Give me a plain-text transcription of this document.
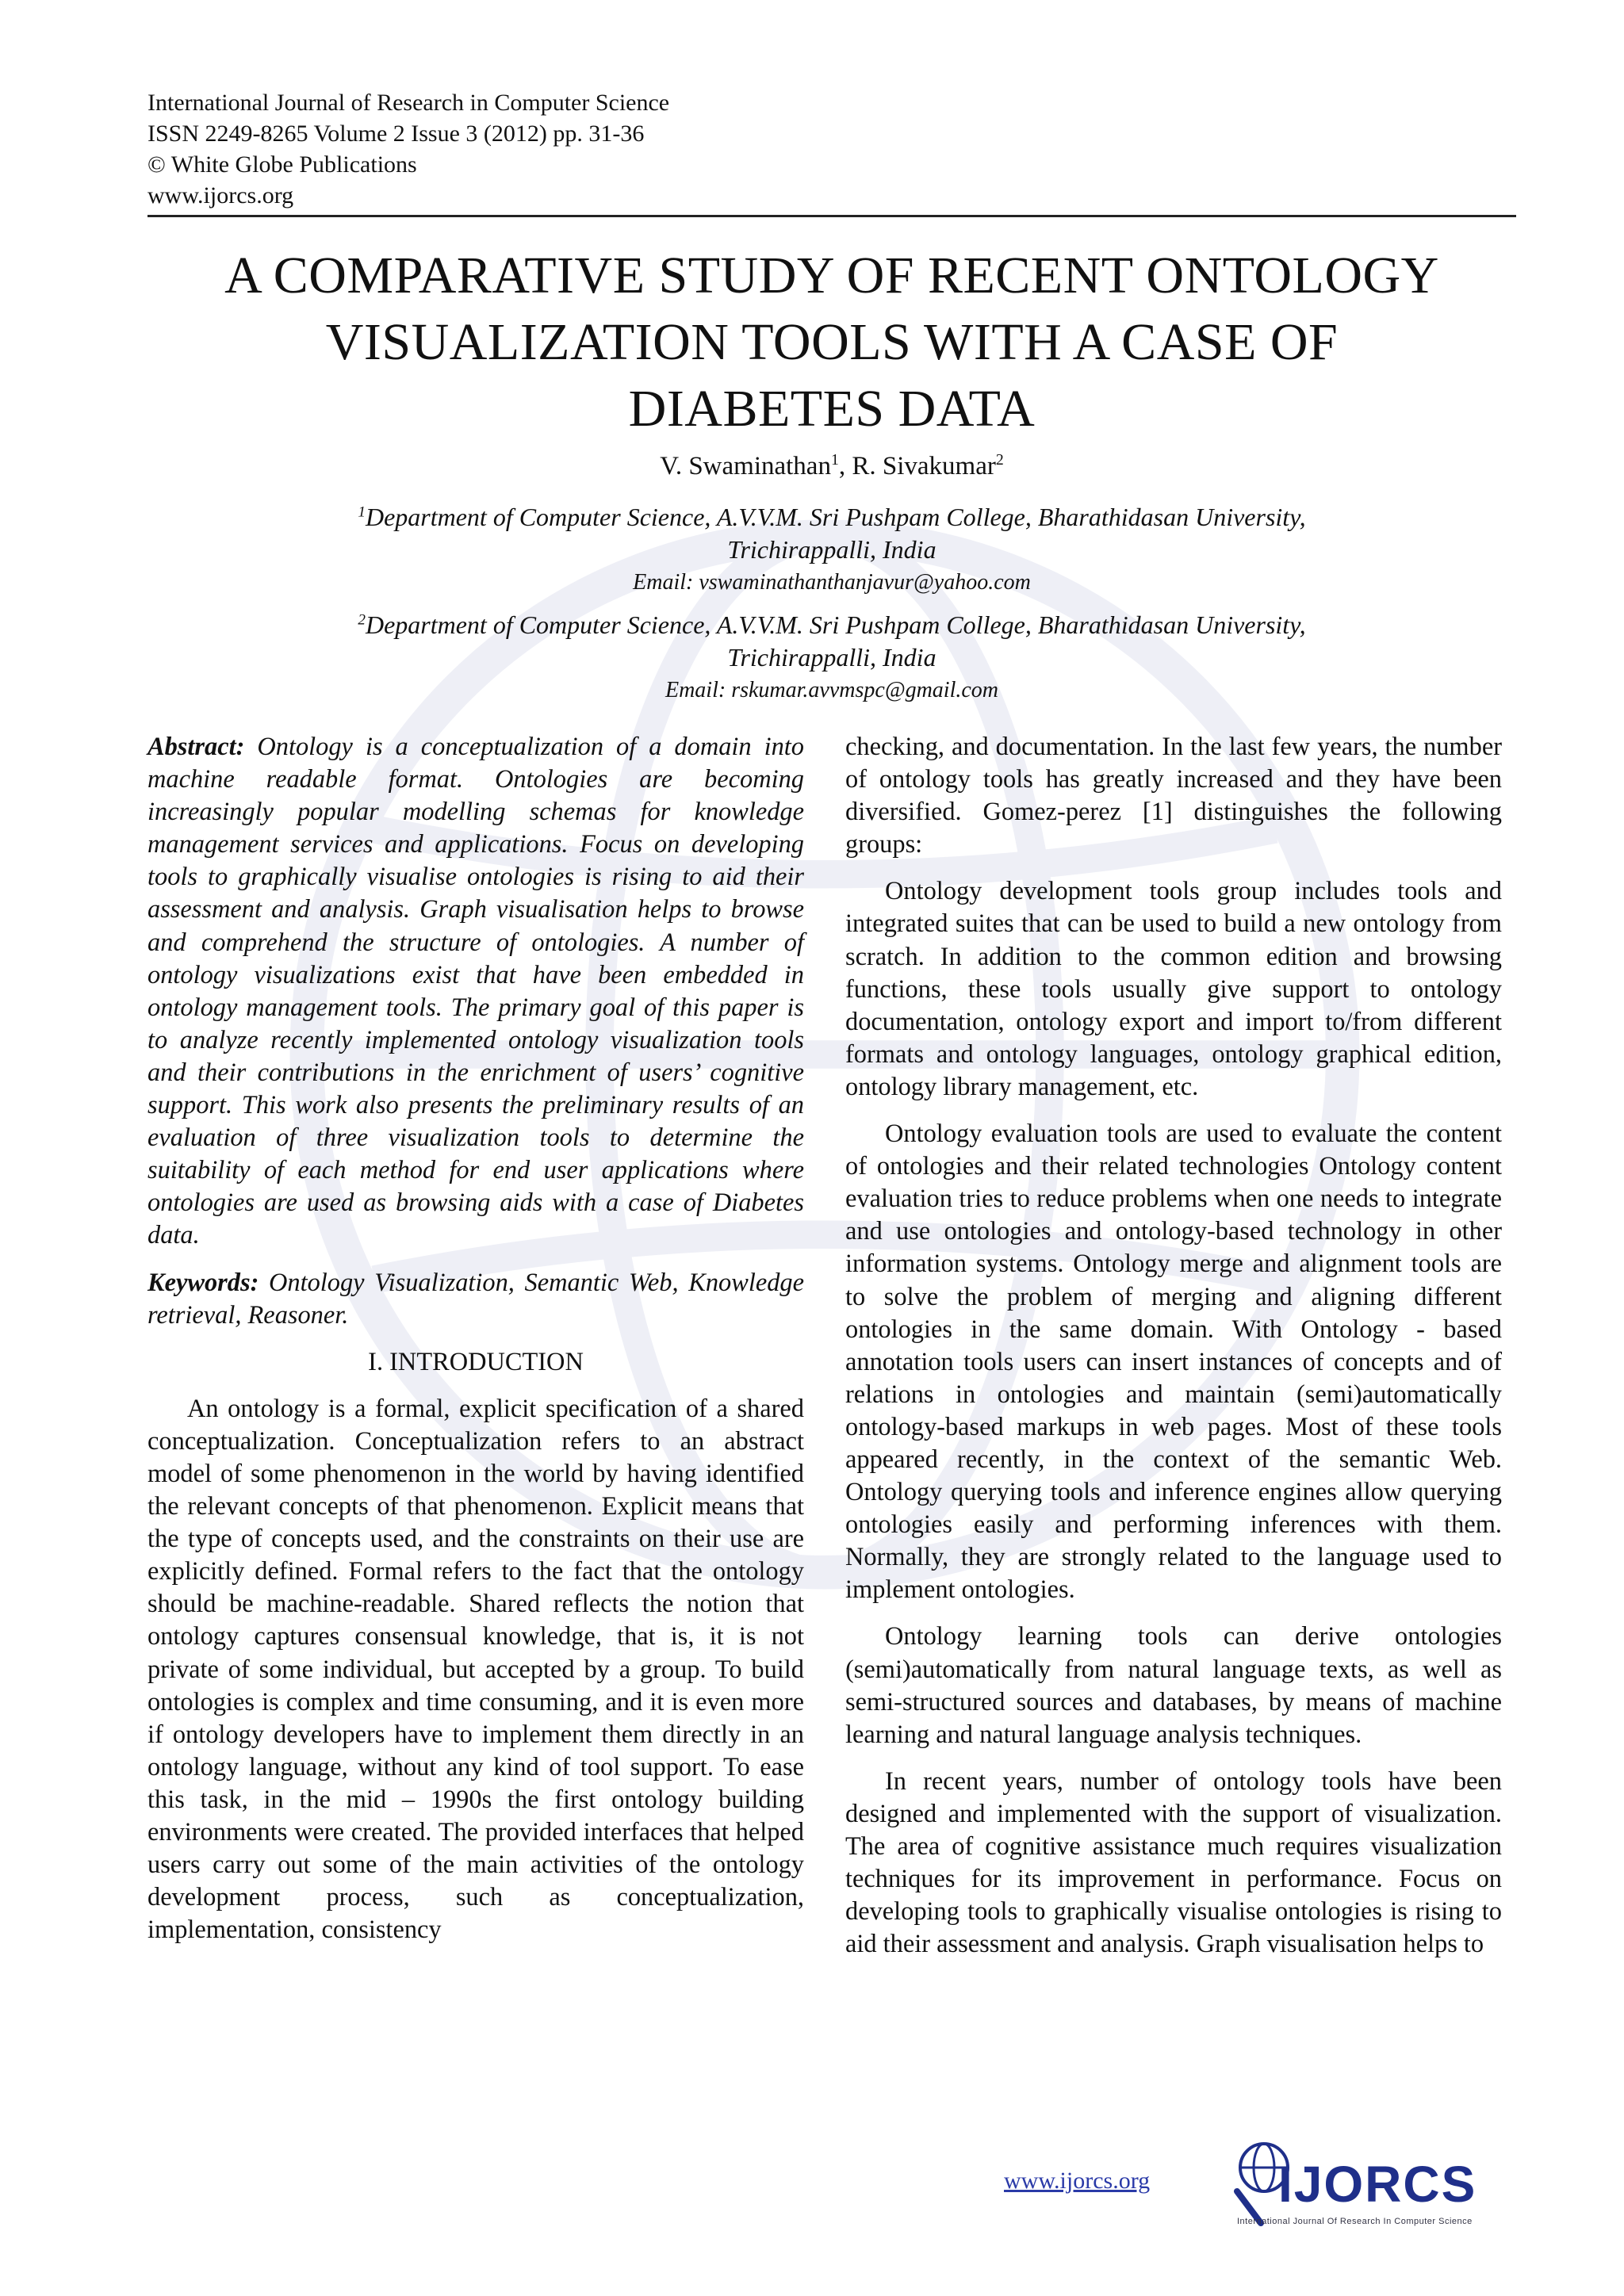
International Journal of Research in Computer Science
ISSN 2249-8265 Volume 2 Issue 3 (2012) pp. 31-36
© White Globe Publications
www.ijorcs.org
A COMPARATIVE STUDY OF RECENT ONTOLOGY
VISUALIZATION TOOLS WITH A CASE OF
DIABETES DATA
V. Swaminathan$^1$, R. Sivakumar$^2$
$^1$Department of Computer Science, A.V.V.M. Sri Pushpam College, Bharathidasan University,
Trichirappalli, India
Email: vswaminathanthanjavur@yahoo.com
$^2$Department of Computer Science, A.V.V.M. Sri Pushpam College, Bharathidasan University,
Trichirappalli, India
Email: rskumar.avvmspc@gmail.com

Abstract: Ontology is a conceptualization of a domain into machine readable format. Ontologies are becoming increasingly popular modelling schemas for knowledge management services and applications. Focus on developing tools to graphically visualise ontologies is rising to aid their assessment and analysis. Graph visualisation helps to browse and comprehend the structure of ontologies. A number of ontology visualizations exist that have been embedded in ontology management tools. The primary goal of this paper is to analyze recently implemented ontology visualization tools and their contributions in the enrichment of users’ cognitive support. This work also presents the preliminary results of an evaluation of three visualization tools to determine the suitability of each method for end user applications where ontologies are used as browsing aids with a case of Diabetes data.

Keywords: Ontology Visualization, Semantic Web, Knowledge retrieval, Reasoner.

I. INTRODUCTION

An ontology is a formal, explicit specification of a shared conceptualization. Conceptualization refers to an abstract model of some phenomenon in the world by having identified the relevant concepts of that phenomenon. Explicit means that the type of concepts used, and the constraints on their use are explicitly defined. Formal refers to the fact that the ontology should be machine-readable. Shared reflects the notion that ontology captures consensual knowledge, that is, it is not private of some individual, but accepted by a group. To build ontologies is complex and time consuming, and it is even more if ontology developers have to implement them directly in an ontology language, without any kind of tool support. To ease this task, in the mid – 1990s the first ontology building environments were created. The provided interfaces that helped users carry out some of the main activities of the ontology development process, such as conceptualization, implementation, consistency

checking, and documentation. In the last few years, the number of ontology tools has greatly increased and they have been diversified. Gomez-perez [1] distinguishes the following groups:

Ontology development tools group includes tools and integrated suites that can be used to build a new ontology from scratch. In addition to the common edition and browsing functions, these tools usually give support to ontology documentation, ontology export and import to/from different formats and ontology languages, ontology graphical edition, ontology library management, etc.

Ontology evaluation tools are used to evaluate the content of ontologies and their related technologies Ontology content evaluation tries to reduce problems when one needs to integrate and use ontologies and ontology-based technology in other information systems. Ontology merge and alignment tools are to solve the problem of merging and aligning different ontologies in the same domain. With Ontology - based annotation tools users can insert instances of concepts and of relations in ontologies and maintain (semi)automatically ontology-based markups in web pages. Most of these tools appeared recently, in the context of the semantic Web. Ontology querying tools and inference engines allow querying ontologies easily and performing inferences with them. Normally, they are strongly related to the language used to implement ontologies.

Ontology learning tools can derive ontologies (semi)automatically from natural language texts, as well as semi-structured sources and databases, by means of machine learning and natural language analysis techniques.

In recent years, number of ontology tools have been designed and implemented with the support of visualization. The area of cognitive assistance much requires visualization techniques for its improvement in performance. Focus on developing tools to graphically visualise ontologies is rising to aid their assessment and analysis. Graph visualisation helps to

www.ijorcs.org	IJORCS
International Journal Of Research In Computer Science
